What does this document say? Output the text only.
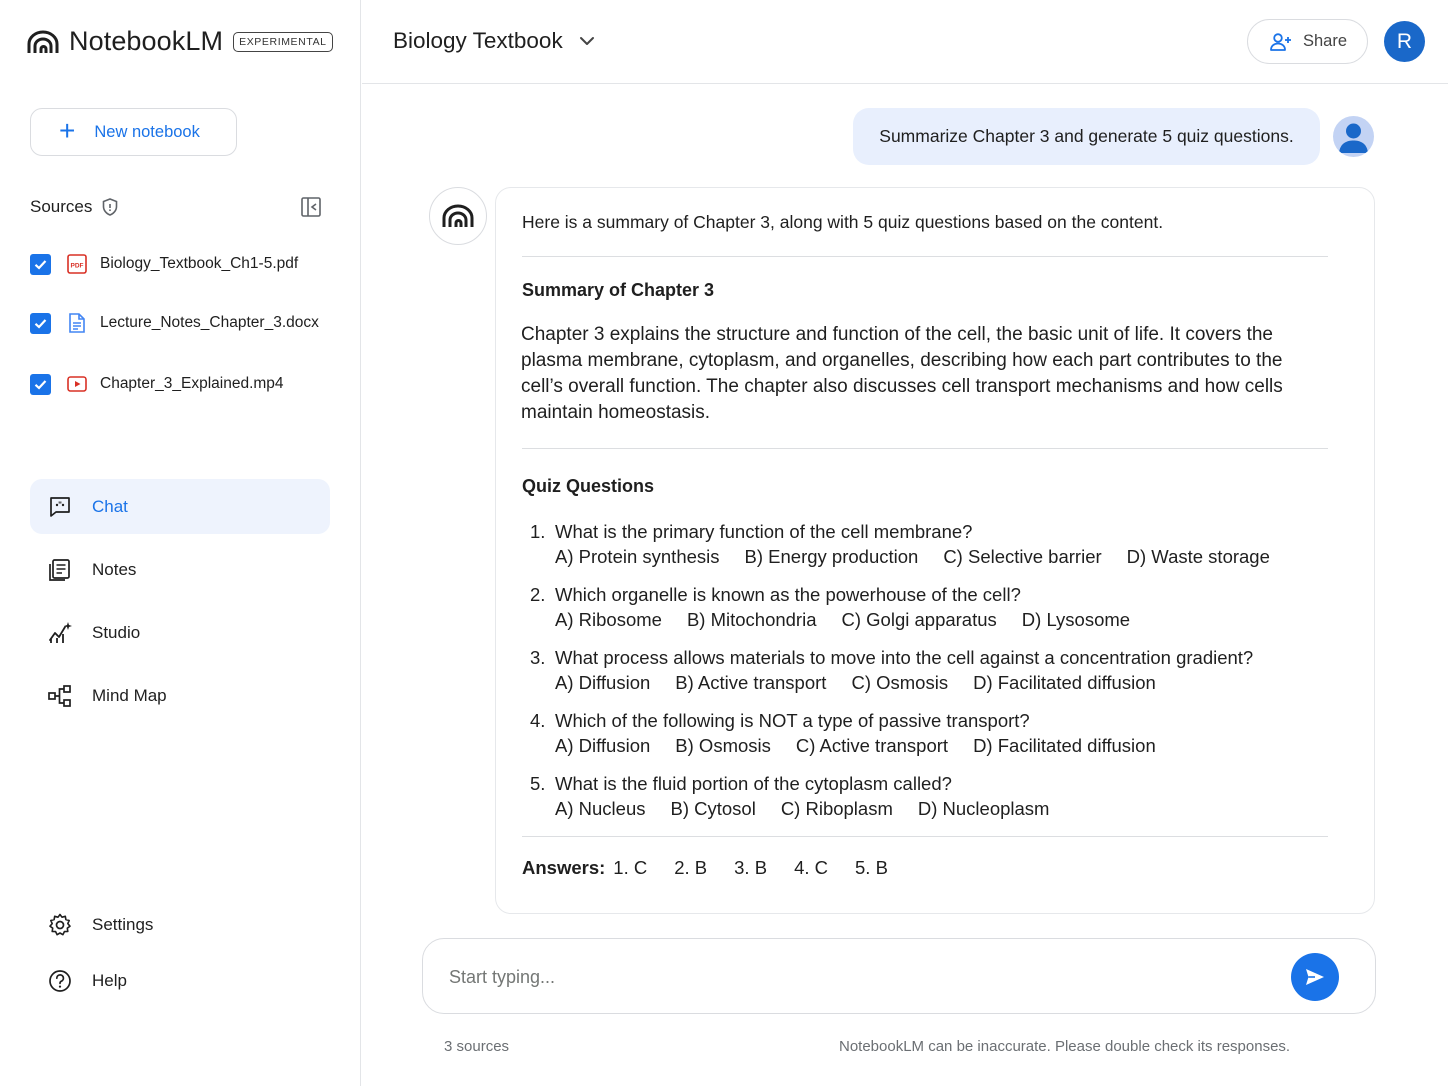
NotebookLM	EXPERIMENTAL
+ New notebook
Sources
PDF Biology_Textbook_Ch1-5.pdf
Lecture_Notes_Chapter_3.docx
Chapter_3_Explained.mp4
" Chat
Notes
Studio
Mind Map
Settings
Help
Biology Textbook	Share	R
Summarize Chapter 3 and generate 5 quiz questions.
Here is a summary of Chapter 3, along with 5 quiz questions based on the content.
Summary of Chapter 3
Chapter 3 explains the structure and function of the cell, the basic unit of life. It covers the plasma membrane, cytoplasm, and organelles, describing how each part contributes to the cell’s overall function. The chapter also discusses cell transport mechanisms and how cells maintain homeostasis.
Quiz Questions
1. What is the primary function of the cell membrane?
A) Protein synthesis B) Energy production C) Selective barrier D) Waste storage
2. Which organelle is known as the powerhouse of the cell?
A) Ribosome B) Mitochondria C) Golgi apparatus D) Lysosome
3. What process allows materials to move into the cell against a concentration gradient?
A) Diffusion B) Active transport C) Osmosis D) Facilitated diffusion
4. Which of the following is NOT a type of passive transport?
A) Diffusion B) Osmosis C) Active transport D) Facilitated diffusion
5. What is the fluid portion of the cytoplasm called?
A) Nucleus B) Cytosol C) Riboplasm D) Nucleoplasm
Answers: 1. C 2. B 3. B 4. C 5. B
Start typing...
3 sources	NotebookLM can be inaccurate. Please double check its responses.
